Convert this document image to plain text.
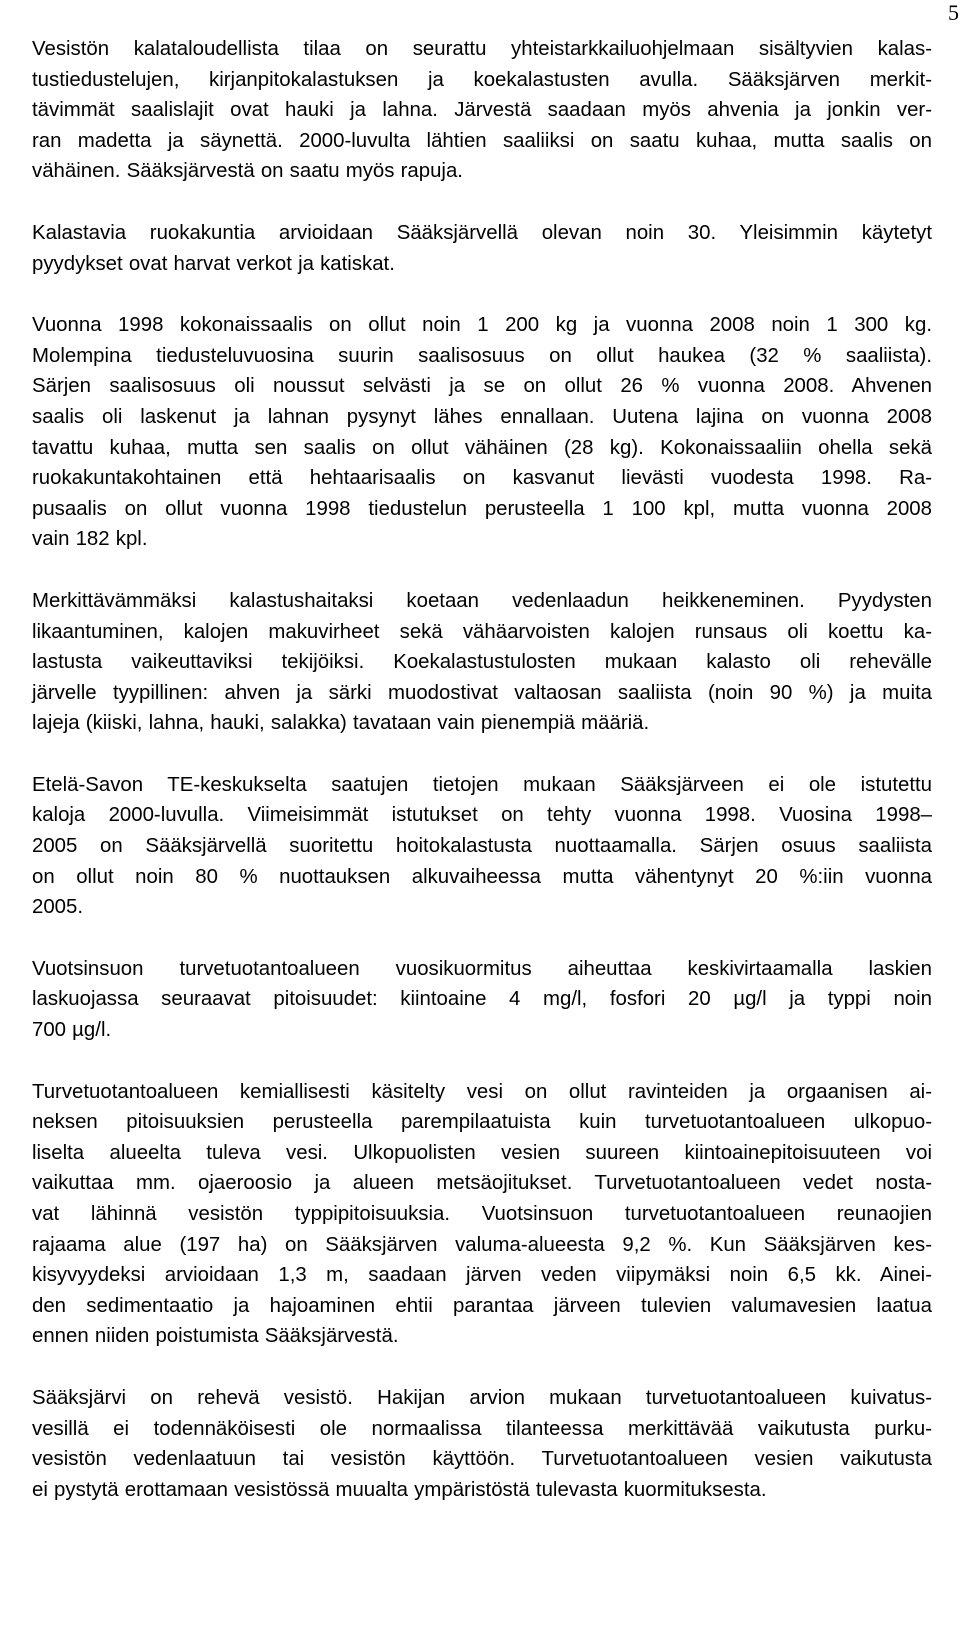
5

Vesistön kalataloudellista tilaa on seurattu yhteistarkkailuohjelmaan sisältyvien kalas-
tustiedustelujen, kirjanpitokalastuksen ja koekalastusten avulla. Sääksjärven merkit-
tävimmät saalislajit ovat hauki ja lahna. Järvestä saadaan myös ahvenia ja jonkin ver-
ran madetta ja säynettä. 2000-luvulta lähtien saaliiksi on saatu kuhaa, mutta saalis on
vähäinen. Sääksjärvestä on saatu myös rapuja.

Kalastavia ruokakuntia arvioidaan Sääksjärvellä olevan noin 30. Yleisimmin käytetyt
pyydykset ovat harvat verkot ja katiskat.

Vuonna 1998 kokonaissaalis on ollut noin 1 200 kg ja vuonna 2008 noin 1 300 kg.
Molempina tiedusteluvuosina suurin saalisosuus on ollut haukea (32 % saaliista).
Särjen saalisosuus oli noussut selvästi ja se on ollut 26 % vuonna 2008. Ahvenen
saalis oli laskenut ja lahnan pysynyt lähes ennallaan. Uutena lajina on vuonna 2008
tavattu kuhaa, mutta sen saalis on ollut vähäinen (28 kg). Kokonaissaaliin ohella sekä
ruokakuntakohtainen että hehtaarisaalis on kasvanut lievästi vuodesta 1998. Ra-
pusaalis on ollut vuonna 1998 tiedustelun perusteella 1 100 kpl, mutta vuonna 2008
vain 182 kpl.

Merkittävämmäksi kalastushaitaksi koetaan vedenlaadun heikkeneminen. Pyydysten
likaantuminen, kalojen makuvirheet sekä vähäarvoisten kalojen runsaus oli koettu ka-
lastusta vaikeuttaviksi tekijöiksi. Koekalastustulosten mukaan kalasto oli rehevälle
järvelle tyypillinen: ahven ja särki muodostivat valtaosan saaliista (noin 90 %) ja muita
lajeja (kiiski, lahna, hauki, salakka) tavataan vain pienempiä määriä.

Etelä-Savon TE-keskukselta saatujen tietojen mukaan Sääksjärveen ei ole istutettu
kaloja 2000-luvulla. Viimeisimmät istutukset on tehty vuonna 1998. Vuosina 1998–
2005 on Sääksjärvellä suoritettu hoitokalastusta nuottaamalla. Särjen osuus saaliista
on ollut noin 80 % nuottauksen alkuvaiheessa mutta vähentynyt 20 %:iin vuonna
2005.

Vuotsinsuon turvetuotantoalueen vuosikuormitus aiheuttaa keskivirtaamalla laskien
laskuojassa seuraavat pitoisuudet: kiintoaine 4 mg/l, fosfori 20 µg/l ja typpi noin
700 µg/l.

Turvetuotantoalueen kemiallisesti käsitelty vesi on ollut ravinteiden ja orgaanisen ai-
neksen pitoisuuksien perusteella parempilaatuista kuin turvetuotantoalueen ulkopuo-
liselta alueelta tuleva vesi. Ulkopuolisten vesien suureen kiintoainepitoisuuteen voi
vaikuttaa mm. ojaeroosio ja alueen metsäojitukset. Turvetuotantoalueen vedet nosta-
vat lähinnä vesistön typpipitoisuuksia. Vuotsinsuon turvetuotantoalueen reunaojien
rajaama alue (197 ha) on Sääksjärven valuma-alueesta 9,2 %. Kun Sääksjärven kes-
kisyvyydeksi arvioidaan 1,3 m, saadaan järven veden viipymäksi noin 6,5 kk. Ainei-
den sedimentaatio ja hajoaminen ehtii parantaa järveen tulevien valumavesien laatua
ennen niiden poistumista Sääksjärvestä.

Sääksjärvi on rehevä vesistö. Hakijan arvion mukaan turvetuotantoalueen kuivatus-
vesillä ei todennäköisesti ole normaalissa tilanteessa merkittävää vaikutusta purku-
vesistön vedenlaatuun tai vesistön käyttöön. Turvetuotantoalueen vesien vaikutusta
ei pystytä erottamaan vesistössä muualta ympäristöstä tulevasta kuormituksesta.
